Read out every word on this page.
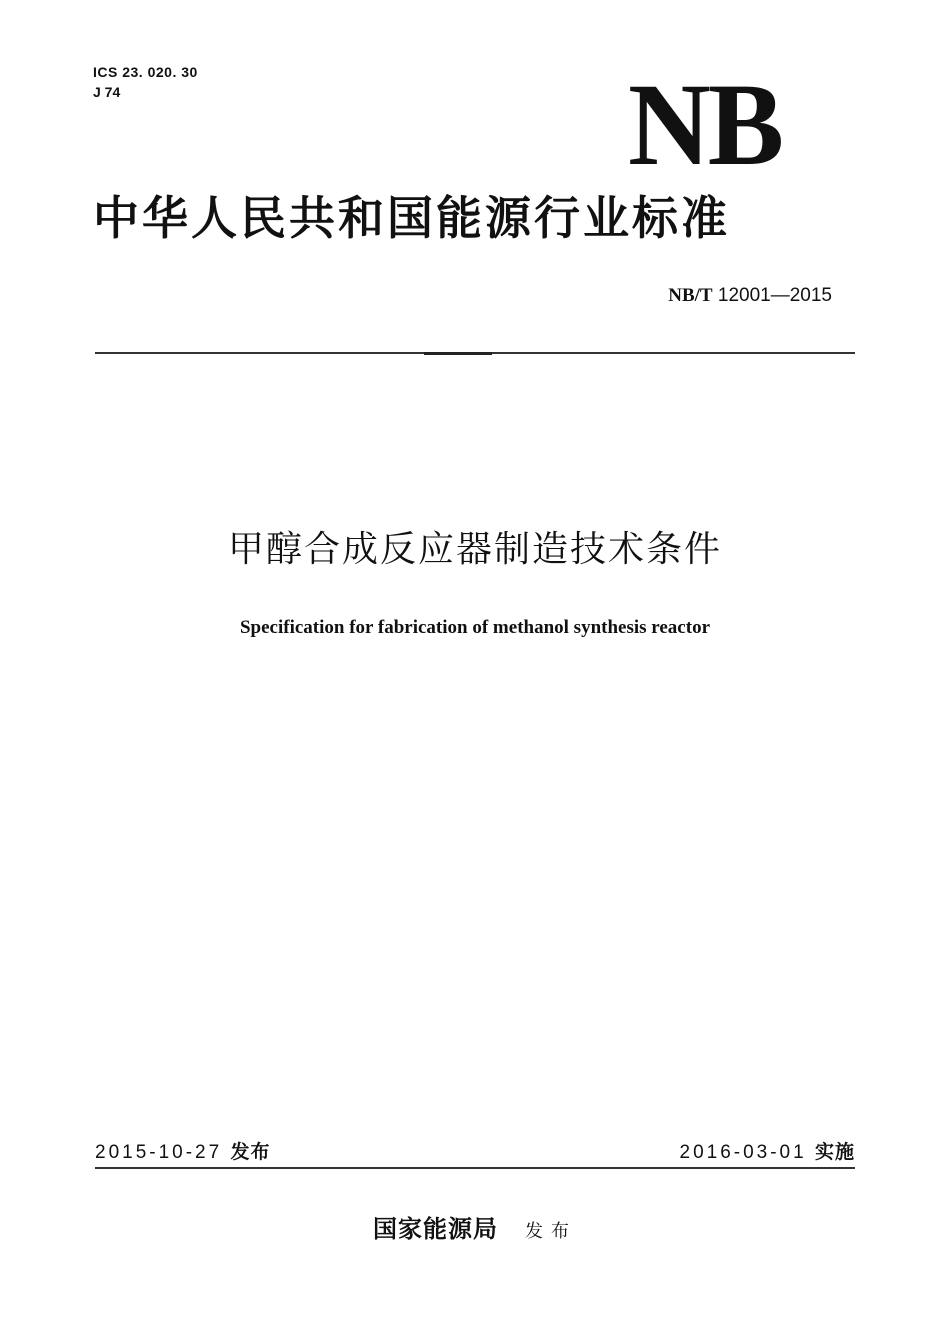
ICS 23. 020. 30
J 74	NB
中华人民共和国能源行业标准
NB/T 12001—2015
甲醇合成反应器制造技术条件
Specification for fabrication of methanol synthesis reactor
2015-10-27 发布	2016-03-01 实施
国家能源局 发布
